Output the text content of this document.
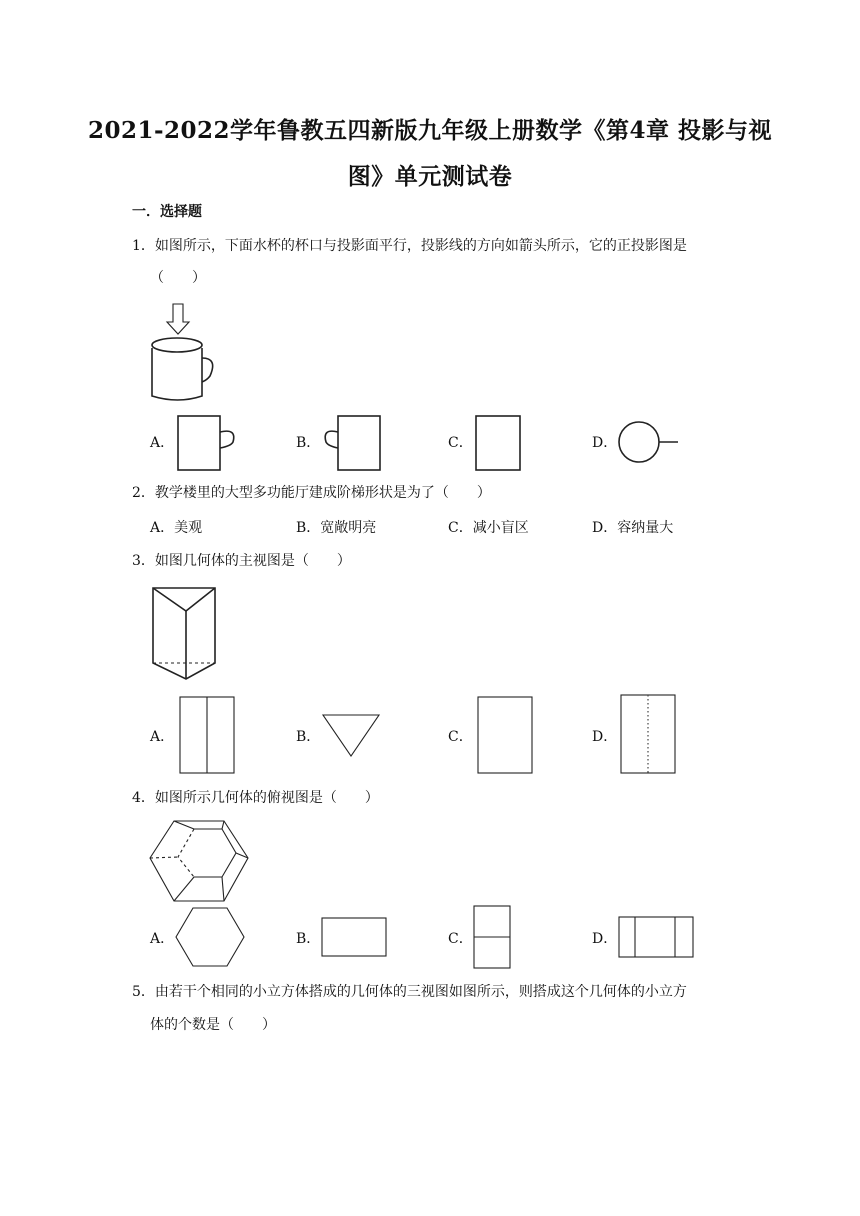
2021-2022学年鲁教五四新版九年级上册数学《第4章 投影与视
图》单元测试卷
一．选择题
1．如图所示，下面水杯的杯口与投影面平行，投影线的方向如箭头所示，它的正投影图是
（　　）
A．	B．	C．	D．
2．教学楼里的大型多功能厅建成阶梯形状是为了（　　）
A．美观	B．宽敞明亮	C．减小盲区	D．容纳量大
3．如图几何体的主视图是（　　）
A．	B．	C．	D．
4．如图所示几何体的俯视图是（　　）
A．	B．	C．	D．
5．由若干个相同的小立方体搭成的几何体的三视图如图所示，则搭成这个几何体的小立方
体的个数是（　　）
